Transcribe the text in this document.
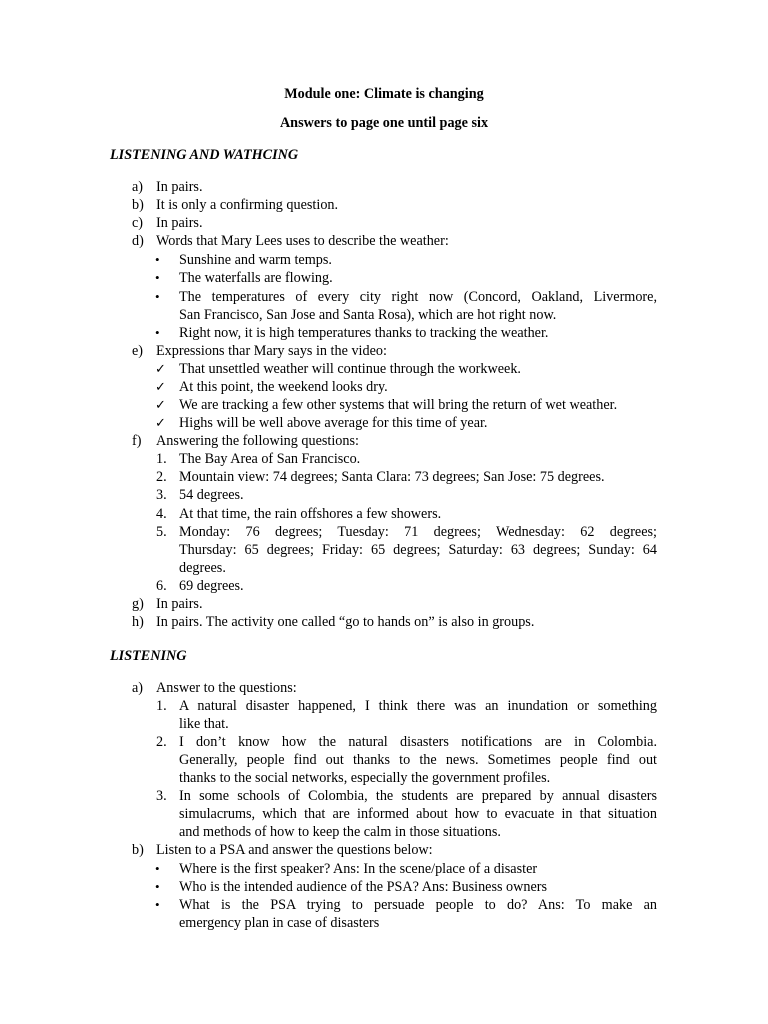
Module one: Climate is changing
Answers to page one until page six
LISTENING AND WATHCING
a) In pairs.
b) It is only a confirming question.
c) In pairs.
d) Words that Mary Lees uses to describe the weather:
• Sunshine and warm temps.
• The waterfalls are flowing.
• The temperatures of every city right now (Concord, Oakland, Livermore,
San Francisco, San Jose and Santa Rosa), which are hot right now.
• Right now, it is high temperatures thanks to tracking the weather.
e) Expressions thar Mary says in the video:
✓ That unsettled weather will continue through the workweek.
✓ At this point, the weekend looks dry.
✓ We are tracking a few other systems that will bring the return of wet weather.
✓ Highs will be well above average for this time of year.
f) Answering the following questions:
1. The Bay Area of San Francisco.
2. Mountain view: 74 degrees; Santa Clara: 73 degrees; San Jose: 75 degrees.
3. 54 degrees.
4. At that time, the rain offshores a few showers.
5. Monday: 76 degrees; Tuesday: 71 degrees; Wednesday: 62 degrees;
Thursday: 65 degrees; Friday: 65 degrees; Saturday: 63 degrees; Sunday: 64
degrees.
6. 69 degrees.
g) In pairs.
h) In pairs. The activity one called “go to hands on” is also in groups.
LISTENING
a) Answer to the questions:
1. A natural disaster happened, I think there was an inundation or something
like that.
2. I don’t know how the natural disasters notifications are in Colombia.
Generally, people find out thanks to the news. Sometimes people find out
thanks to the social networks, especially the government profiles.
3. In some schools of Colombia, the students are prepared by annual disasters
simulacrums, which that are informed about how to evacuate in that situation
and methods of how to keep the calm in those situations.
b) Listen to a PSA and answer the questions below:
• Where is the first speaker? Ans: In the scene/place of a disaster
• Who is the intended audience of the PSA? Ans: Business owners
• What is the PSA trying to persuade people to do? Ans: To make an
emergency plan in case of disasters
